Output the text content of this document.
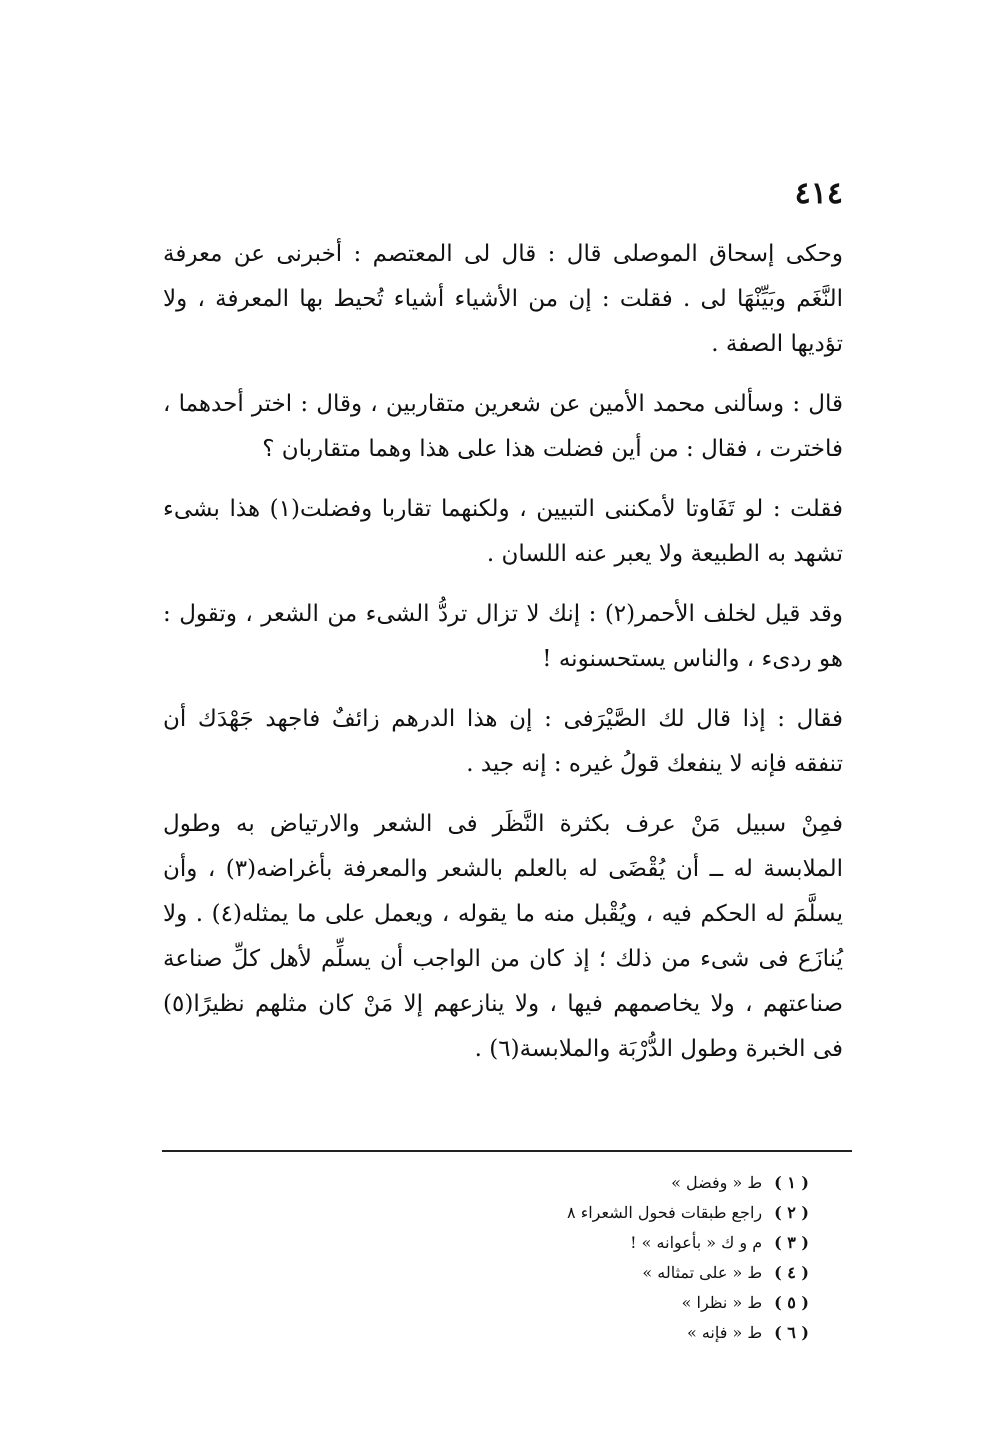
٤١٤

وحكى إسحاق الموصلى قال : قال لى المعتصم : أخبرنى عن معرفة النَّغَم وبَيِّنْهَا لى . فقلت : إن من الأشياء أشياء تُحيط بها المعرفة ، ولا تؤديها الصفة .

قال : وسألنى محمد الأمين عن شعرين متقاربين ، وقال : اختر أحدهما ، فاخترت ، فقال : من أين فضلت هذا على هذا وهما متقاربان ؟

فقلت : لو تَفَاوتا لأمكننى التبيين ، ولكنهما تقاربا وفضلت(١) هذا بشىء تشهد به الطبيعة ولا يعبر عنه اللسان .

وقد قيل لخلف الأحمر(٢) : إنك لا تزال تردُّ الشىء من الشعر ، وتقول : هو ردىء ، والناس يستحسنونه !

فقال : إذا قال لك الصَّيْرَفى : إن هذا الدرهم زائفٌ فاجهد جَهْدَك أن تنفقه فإنه لا ينفعك قولُ غيره : إنه جيد .

فمِنْ سبيل مَنْ عرف بكثرة النَّظَر فى الشعر والارتياض به وطول الملابسة له ــ أن يُقْضَى له بالعلم بالشعر والمعرفة بأغراضه(٣) ، وأن يسلَّمَ له الحكم فيه ، ويُقْبل منه ما يقوله ، ويعمل على ما يمثله(٤) . ولا يُنازَع فى شىء من ذلك ؛ إذ كان من الواجب أن يسلِّم لأهل كلِّ صناعة صناعتهم ، ولا يخاصمهم فيها ، ولا ينازعهم إلا مَنْ كان مثلهم نظيرًا(٥) فى الخبرة وطول الدُّرْبَة والملابسة(٦) .

( ١ )
ط « وفضل »
( ٢ )
راجع طبقات فحول الشعراء ٨
( ٣ )
م و ك « بأعوانه » !
( ٤ )
ط « على تمثاله »
( ٥ )
ط « نظرا »
( ٦ )
ط « فإنه »
